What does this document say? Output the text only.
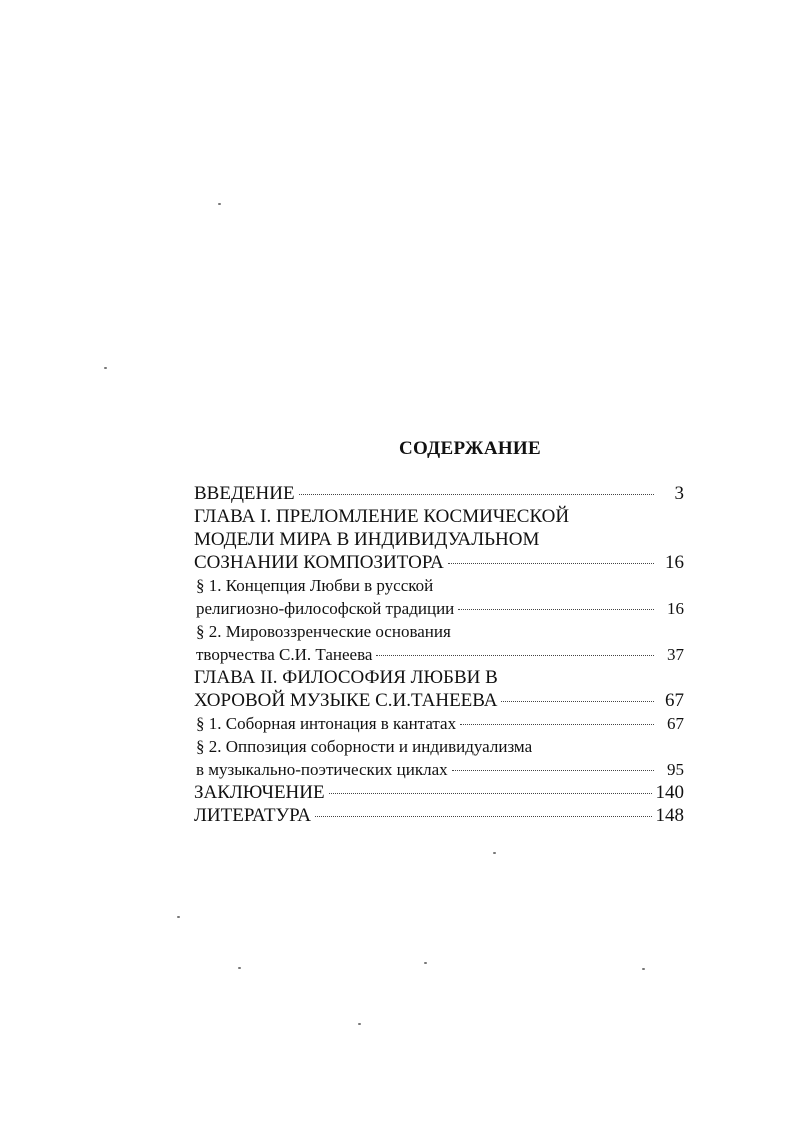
СОДЕРЖАНИЕ
ВВЕДЕНИЕ	3
ГЛАВА I. ПРЕЛОМЛЕНИЕ КОСМИЧЕСКОЙ
МОДЕЛИ МИРА В ИНДИВИДУАЛЬНОМ
СОЗНАНИИ КОМПОЗИТОРА	16
§ 1. Концепция Любви в русской
религиозно-философской традиции	16
§ 2. Мировоззренческие основания
творчества С.И. Танеева	37
ГЛАВА II. ФИЛОСОФИЯ ЛЮБВИ В
ХОРОВОЙ МУЗЫКЕ С.И.ТАНЕЕВА	67
§ 1. Соборная интонация в кантатах	67
§ 2. Оппозиция соборности и индивидуализма
в музыкально-поэтических циклах	95
ЗАКЛЮЧЕНИЕ	140
ЛИТЕРАТУРА	148
